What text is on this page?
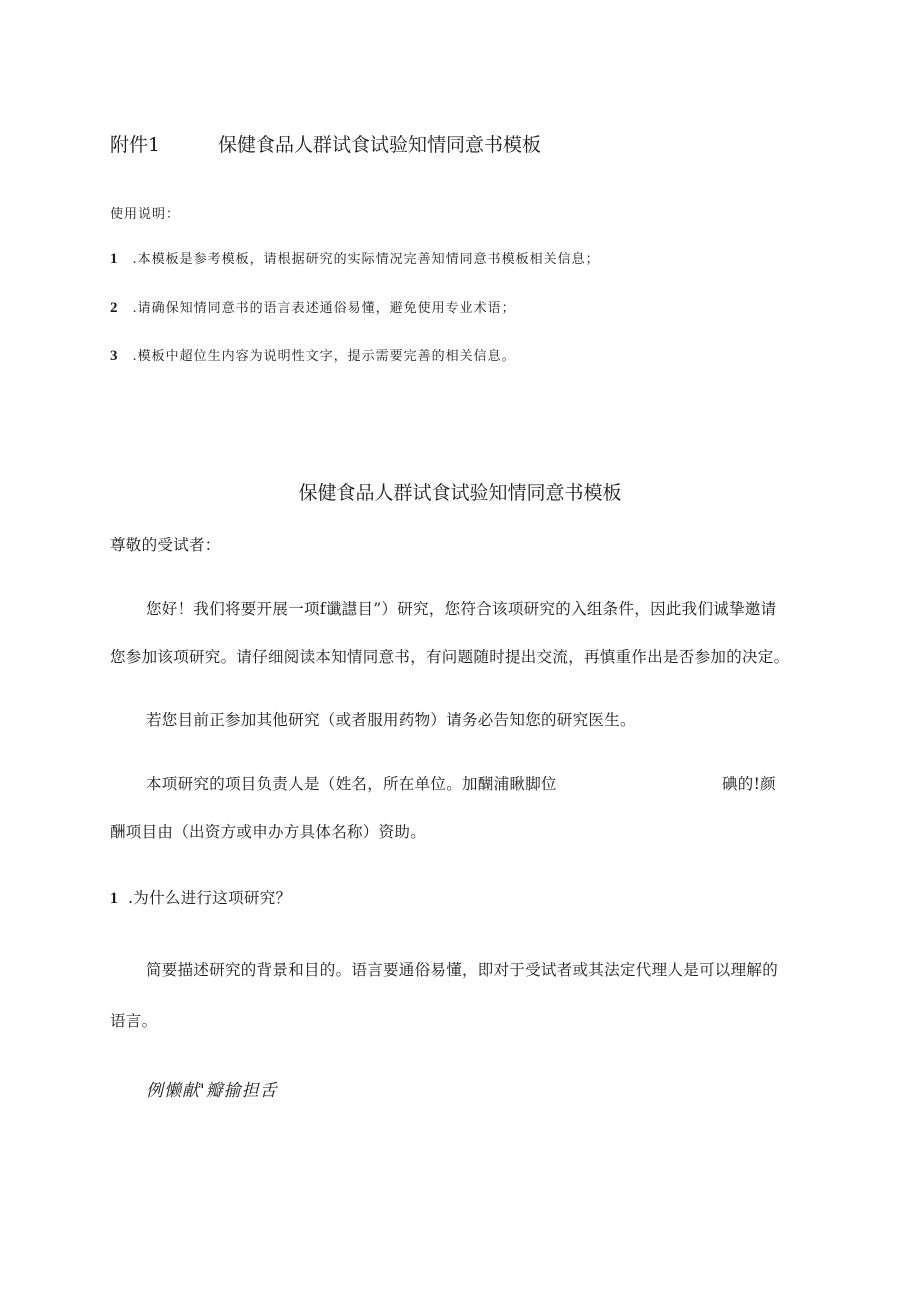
附件1	保健食品人群试食试验知情同意书模板
使用说明：
1 .本模板是参考模板，请根据研究的实际情况完善知情同意书模板相关信息；
2 .请确保知情同意书的语言表述通俗易懂，避免使用专业术语；
3 .模板中超位生内容为说明性文字，提示需要完善的相关信息。
保健食品人群试食试验知情同意书模板
尊敬的受试者：
您好！我们将要开展一项f谶譿目”）研究，您符合该项研究的入组条件，因此我们诚挚邀请
您参加该项研究。请仔细阅读本知情同意书，有问题随时提出交流，再慎重作出是否参加的决定。
若您目前正参加其他研究（或者服用药物）请务必告知您的研究医生。
本项研究的项目负责人是（姓名，所在单位。加醐浦瞅脚位	碘的!颜
酬项目由（出资方或申办方具体名称）资助。
1 .为什么进行这项研究？
简要描述研究的背景和目的。语言要通俗易懂，即对于受试者或其法定代理人是可以理解的
语言。
例懒献'瓣揄担舌
